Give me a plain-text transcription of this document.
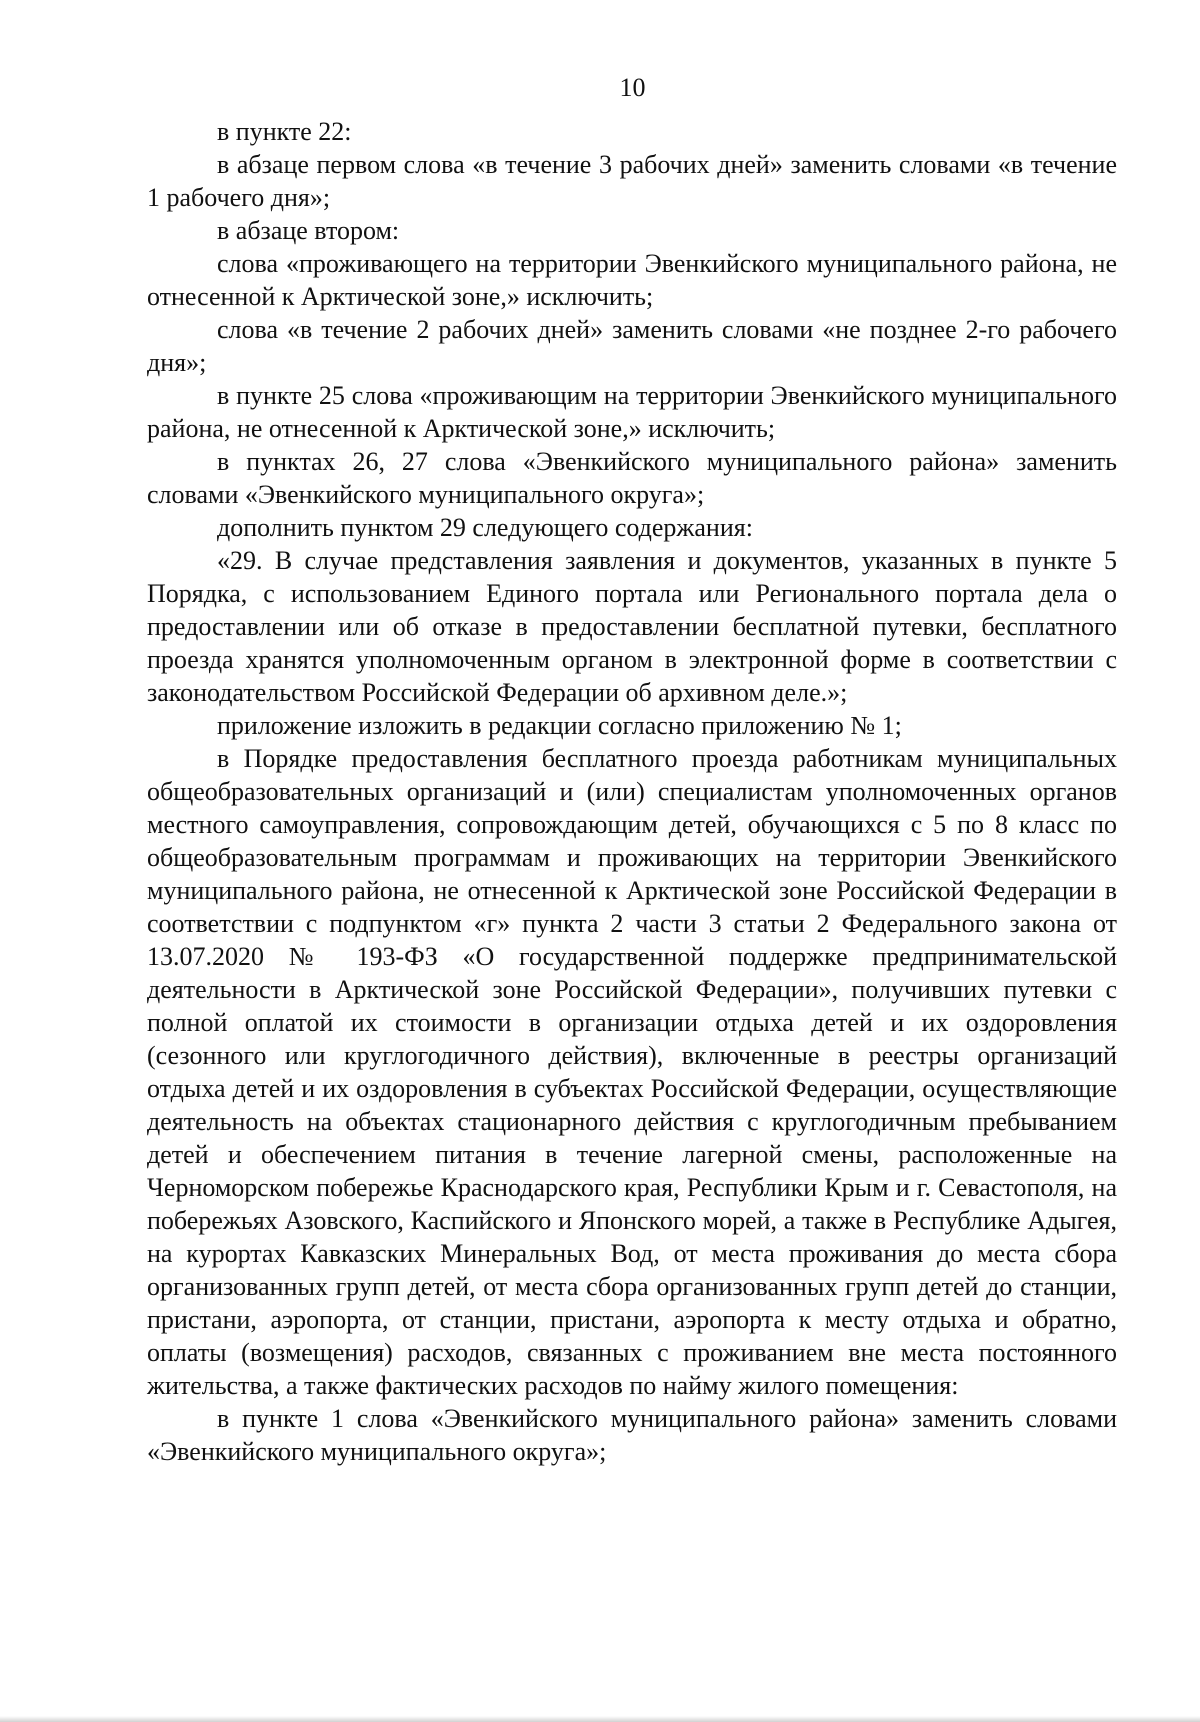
10

в пункте 22:

в абзаце первом слова «в течение 3 рабочих дней» заменить словами «в течение 1 рабочего дня»;

в абзаце втором:

слова «проживающего на территории Эвенкийского муниципального района, не отнесенной к Арктической зоне,» исключить;

слова «в течение 2 рабочих дней» заменить словами «не позднее 2-го рабочего дня»;

в пункте 25 слова «проживающим на территории Эвенкийского муниципального района, не отнесенной к Арктической зоне,» исключить;

в пунктах 26, 27 слова «Эвенкийского муниципального района» заменить словами «Эвенкийского муниципального округа»;

дополнить пунктом 29 следующего содержания:

«29. В случае представления заявления и документов, указанных в пункте 5 Порядка, с использованием Единого портала или Регионального портала дела о предоставлении или об отказе в предоставлении бесплатной путевки, бесплатного проезда хранятся уполномоченным органом в электронной форме в соответствии с законодательством Российской Федерации об архивном деле.»;

приложение изложить в редакции согласно приложению № 1;

в Порядке предоставления бесплатного проезда работникам муниципальных общеобразовательных организаций и (или) специалистам уполномоченных органов местного самоуправления, сопровождающим детей, обучающихся с 5 по 8 класс по общеобразовательным программам и проживающих на территории Эвенкийского муниципального района, не отнесенной к Арктической зоне Российской Федерации в соответствии с подпунктом «г» пункта 2 части 3 статьи 2 Федерального закона от 13.07.2020 № 193-ФЗ «О государственной поддержке предпринимательской деятельности в Арктической зоне Российской Федерации», получивших путевки с полной оплатой их стоимости в организации отдыха детей и их оздоровления (сезонного или круглогодичного действия), включенные в реестры организаций отдыха детей и их оздоровления в субъектах Российской Федерации, осуществляющие деятельность на объектах стационарного действия с круглогодичным пребыванием детей и обеспечением питания в течение лагерной смены, расположенные на Черноморском побережье Краснодарского края, Республики Крым и г. Севастополя, на побережьях Азовского, Каспийского и Японского морей, а также в Республике Адыгея, на курортах Кавказских Минеральных Вод, от места проживания до места сбора организованных групп детей, от места сбора организованных групп детей до станции, пристани, аэропорта, от станции, пристани, аэропорта к месту отдыха и обратно, оплаты (возмещения) расходов, связанных с проживанием вне места постоянного жительства, а также фактических расходов по найму жилого помещения:

в пункте 1 слова «Эвенкийского муниципального района» заменить словами «Эвенкийского муниципального округа»;
